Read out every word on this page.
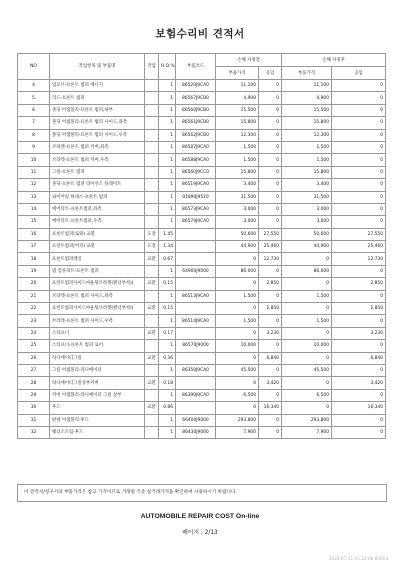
보험수리비 견적서
NO	작업항목 및 부품명	작업	H.Q.%	부품코드	손해 사정전		손해 사정후	
					부품가격	공임	부품가격	공임
4	업모브-프론트 범퍼 에너지		1	86520J9CA0	11,100	0	11,100	0
5	리드-프론트 범퍼		1	86567J9CB0	4,900	0	4,900	0
6	몰딩 어셈블리-프론트 범퍼,하부		1	86560J9CB0	15,500	0	15,500	0
7	몰딩 어셈블리-프론트 범퍼 사이드,좌측		1	86561J9CB0	15,800	0	15,800	0
8	몰딩 어셈블리-프론트 범퍼 사이드,우측		1	86562J9CB0	12,300	0	12,300	0
9	브라켓-프론트 범퍼 커버,좌측		1	86587J9CA0	1,500	0	1,500	0
10	브라켓-프론트 범퍼 커버,우측		1	86588J9CA0	1,500	0	1,500	0
11	그릴-프론트 범퍼		1	86560J9CC0	15,800	0	15,800	0
12	몰딩-프론트 범퍼 라이선스 플레이트		1	86519J9CA0	3,400	0	3,400	0
13	와이어링 하네스-프론트 범퍼		1	91890J9510	31,500	0	31,500	0
14	에어덕트-프론트범퍼,좌측		1	86573J9CA0	3,000	0	3,000	0
15	에어덕트-프론트범퍼,우측		1	86574J9CA0	3,000	0	3,000	0
16	프론트범퍼(로워) 교환	도장	1.45		50,600	27,550	50,600	27,550
17	프런트범퍼(어퍼) 교환	도장	1.34		44,900	25,460	44,900	25,460
18	프론트범퍼레일	교환	0.67		0	12,730	0	12,730
19	빔 컴플리트-프론트 범퍼		1	64900J9000	86,000	0	86,000	0
20	프런트범퍼사이드마운팅브라켓(펜더부착)(	교환	0.15		0	2,850	0	2,850
21	브라켓-프론트 범퍼 사이드,좌측		1	86513J9CA0	1,500	0	1,500	0
22	프런트범퍼사이드마운팅브라켓(펜더부착)(	교환	0.15		0	2,850	0	2,850
23	브라켓-프론트 범퍼 사이드,우측		1	86514J9CA0	1,500	0	1,500	0
24	스티프너	교환	0.17		0	3,230	0	3,230
25	스티프너-프론트 범퍼 로어		1	86570J9000	10,000	0	10,000	0
26	라디에이터그릴	교환	0.36		0	6,840	0	6,840
27	그릴 어셈블리-라디에이터		1	86350J9CA0	45,500	0	45,500	0
28	라디에이터그릴상부커버	교환	0.18		0	3,420	0	3,420
29	커버 어셈블리-라디에이터 그릴 상부		1	86390J9CA0	6,500	0	6,500	0
30	후드	교환	0.86		0	16,340	0	16,340
31	판넬 어셈블리-후드		1	66400J9000	293,800	0	293,800	0
32	웨더스트립-후드		1	86430J9000	7,900	0	7,900	0
이 견적서/청구서의 부품가격은 참고 가격이므로 거래될 기준 실거래가격을 확인하여 사용하시기 바랍니다.
AUTOMOBILE REPAIR COST On-line
페이지 : 2/13
2024-07-11 15:23:06 87003
